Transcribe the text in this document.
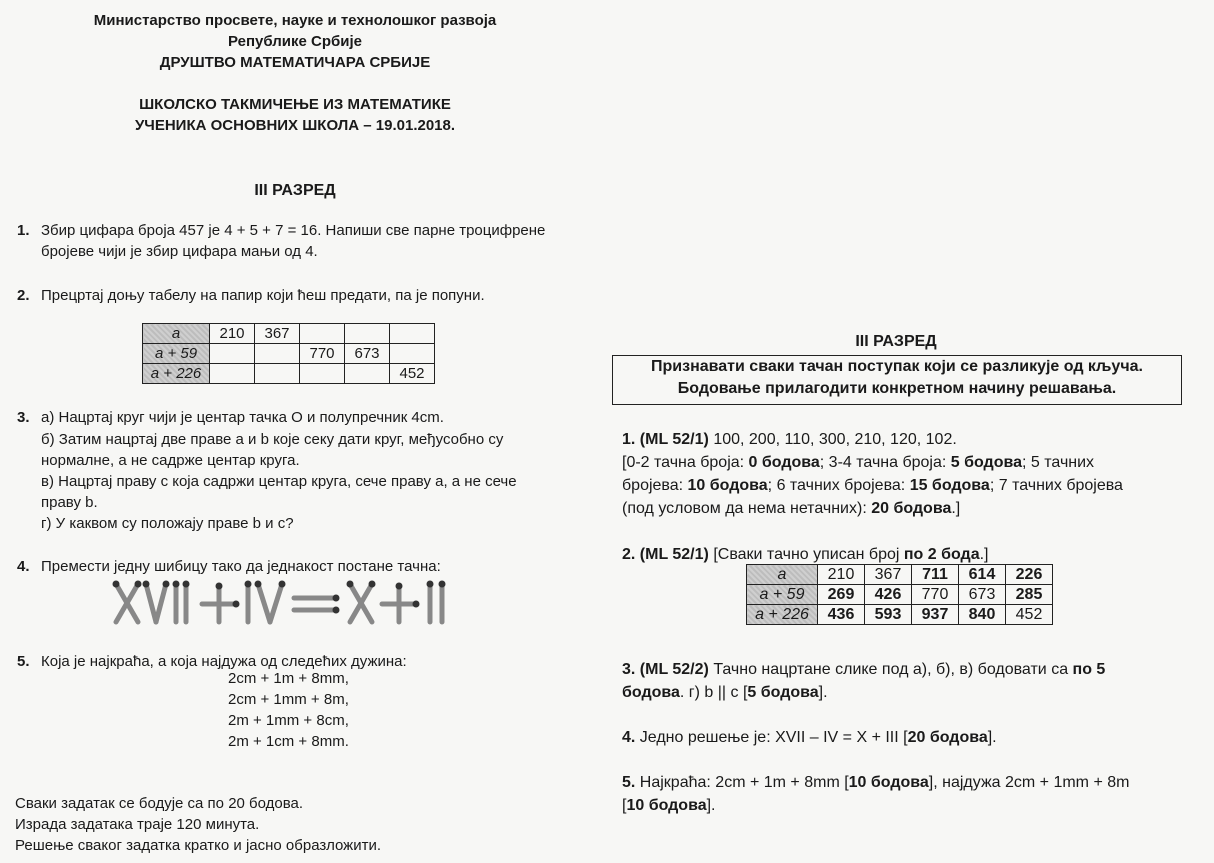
Министарство просвете, науке и технолошког развоја
Републике Србије
ДРУШТВО МАТЕМАТИЧАРА СРБИЈЕ
ШКОЛСКО ТАКМИЧЕЊЕ ИЗ МАТЕМАТИКЕ
УЧЕНИКА ОСНОВНИХ ШКОЛА – 19.01.2018.
III РАЗРЕД
1. Збир цифара броја 457 је 4 + 5 + 7 = 16. Напиши све парне троцифрене
бројеве чији је збир цифара мањи од 4.
2. Прецртај доњу табелу на папир који ћеш предати, па је попуни.
a	210	367			
a + 59			770	673	
a + 226					452
3. а) Нацртај круг чији је центар тачка O и полупречник 4cm.
б) Затим нацртај две праве a и b које секу дати круг, међусобно су
нормалне, а не садрже центар круга.
в) Нацртај праву c која садржи центар круга, сече праву a, а не сече
праву b.
г) У каквом су положају праве b и c?
4. Премести једну шибицу тако да једнакост постане тачна:
5. Која је најкраћа, а која најдужа од следећих дужина:
2cm + 1m + 8mm,
2cm + 1mm + 8m,
2m + 1mm + 8cm,
2m + 1cm + 8mm.
Сваки задатак се бодује са по 20 бодова.
Израда задатака траје 120 минута.
Решење сваког задатка кратко и јасно образложити.
III РАЗРЕД
Признавати сваки тачан поступак који се разликује од кључа.
Бодовање прилагодити конкретном начину решавања.
1. (ML 52/1) 100, 200, 110, 300, 210, 120, 102.
[0-2 тачна броја: 0 бодова; 3-4 тачна броја: 5 бодова; 5 тачних
бројева: 10 бодова; 6 тачних бројева: 15 бодова; 7 тачних бројева
(под условом да нема нетачних): 20 бодова.]
2. (ML 52/1) [Сваки тачно уписан број по 2 бода.]
a	210	367	711	614	226
a + 59	269	426	770	673	285
a + 226	436	593	937	840	452
3. (ML 52/2) Тачно нацртане слике под а), б), в) бодовати са по 5
бодова. г) b || c [5 бодова].
4. Једно решење је: XVII – IV = X + III [20 бодова].
5. Најкраћа: 2cm + 1m + 8mm [10 бодова], најдужа 2cm + 1mm + 8m
[10 бодова].
